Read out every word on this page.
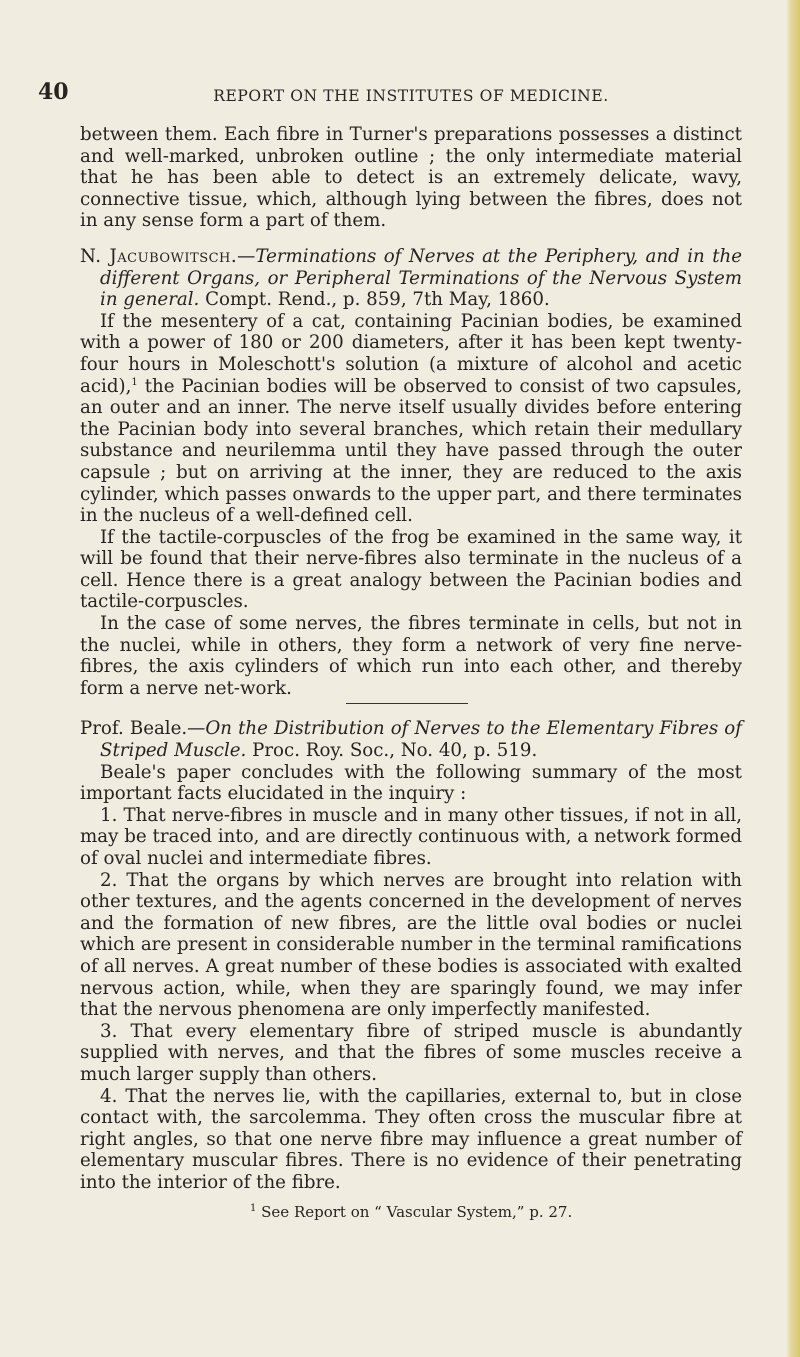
40	REPORT ON THE INSTITUTES OF MEDICINE.

between them. Each fibre in Turner's preparations possesses a distinct and well-marked, unbroken outline ; the only intermediate material that he has been able to detect is an extremely delicate, wavy, connective tissue, which, although lying between the fibres, does not in any sense form a part of them.

N. Jacubowitsch.—Terminations of Nerves at the Periphery, and in the different Organs, or Peripheral Terminations of the Nervous System in general. Compt. Rend., p. 859, 7th May, 1860.

If the mesentery of a cat, containing Pacinian bodies, be examined with a power of 180 or 200 diameters, after it has been kept twenty-four hours in Moleschott's solution (a mixture of alcohol and acetic acid),$^1$ the Pacinian bodies will be observed to consist of two capsules, an outer and an inner. The nerve itself usually divides before entering the Pacinian body into several branches, which retain their medullary substance and neurilemma until they have passed through the outer capsule ; but on arriving at the inner, they are reduced to the axis cylinder, which passes onwards to the upper part, and there terminates in the nucleus of a well-defined cell.

If the tactile-corpuscles of the frog be examined in the same way, it will be found that their nerve-fibres also terminate in the nucleus of a cell. Hence there is a great analogy between the Pacinian bodies and tactile-corpuscles.

In the case of some nerves, the fibres terminate in cells, but not in the nuclei, while in others, they form a network of very fine nerve-fibres, the axis cylinders of which run into each other, and thereby form a nerve net-work.

Prof. Beale.—On the Distribution of Nerves to the Elementary Fibres of Striped Muscle. Proc. Roy. Soc., No. 40, p. 519.

Beale's paper concludes with the following summary of the most important facts elucidated in the inquiry :

1. That nerve-fibres in muscle and in many other tissues, if not in all, may be traced into, and are directly continuous with, a network formed of oval nuclei and intermediate fibres.

2. That the organs by which nerves are brought into relation with other textures, and the agents concerned in the development of nerves and the formation of new fibres, are the little oval bodies or nuclei which are present in considerable number in the terminal ramifications of all nerves. A great number of these bodies is associated with exalted nervous action, while, when they are sparingly found, we may infer that the nervous phenomena are only imperfectly manifested.

3. That every elementary fibre of striped muscle is abundantly supplied with nerves, and that the fibres of some muscles receive a much larger supply than others.

4. That the nerves lie, with the capillaries, external to, but in close contact with, the sarcolemma. They often cross the muscular fibre at right angles, so that one nerve fibre may influence a great number of elementary muscular fibres. There is no evidence of their penetrating into the interior of the fibre.

$^1$ See Report on “ Vascular System,” p. 27.
